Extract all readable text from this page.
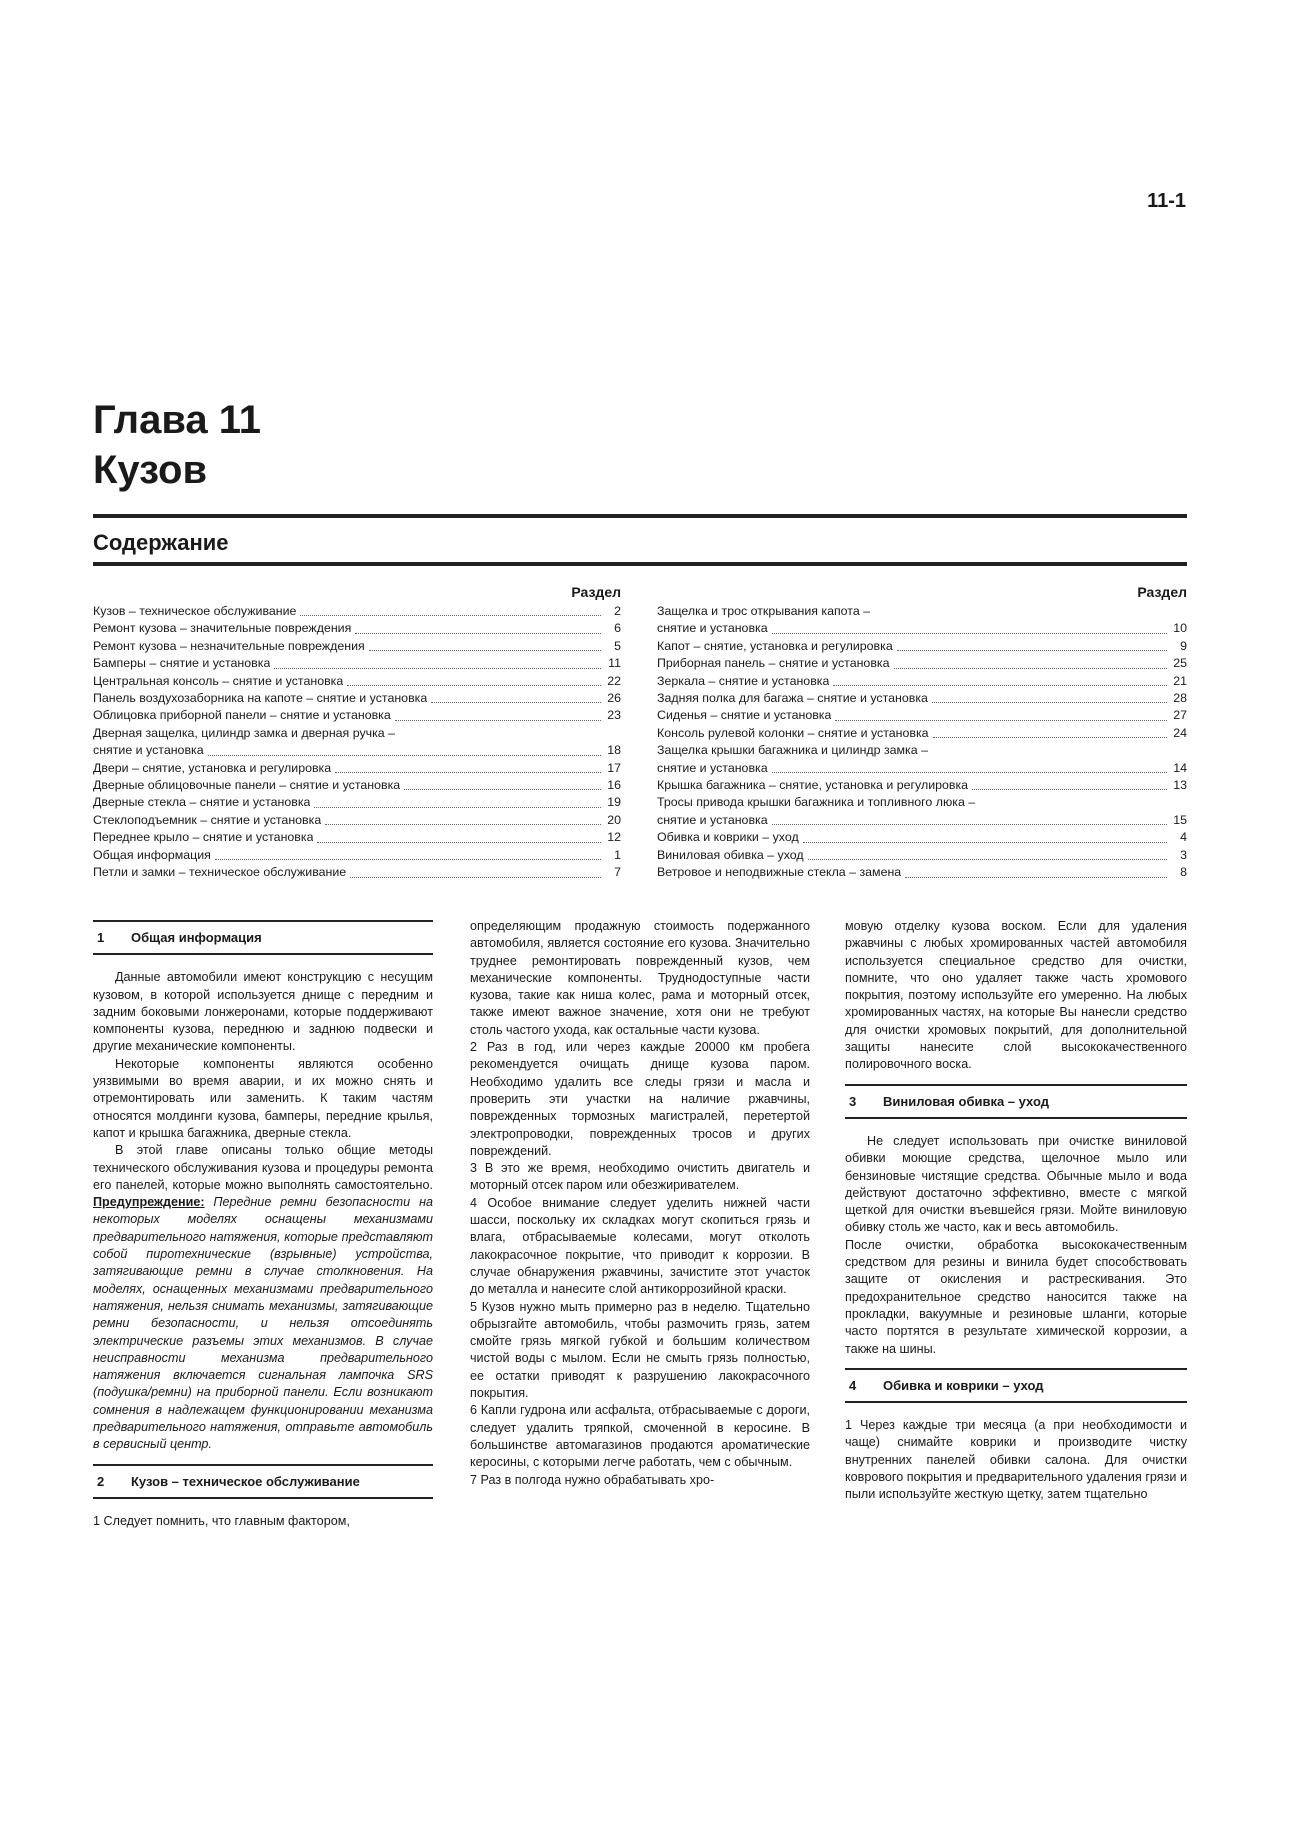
11-1
Глава 11
Кузов
Содержание
Раздел
Кузов – техническое обслуживание	2
Ремонт кузова – значительные повреждения	6
Ремонт кузова – незначительные повреждения	5
Бамперы – снятие и установка	11
Центральная консоль – снятие и установка	22
Панель воздухозаборника на капоте – снятие и установка	26
Облицовка приборной панели – снятие и установка	23
Дверная защелка, цилиндр замка и дверная ручка –
снятие и установка	18
Двери – снятие, установка и регулировка	17
Дверные облицовочные панели – снятие и установка	16
Дверные стекла – снятие и установка	19
Стеклоподъемник – снятие и установка	20
Переднее крыло – снятие и установка	12
Общая информация	1
Петли и замки – техническое обслуживание	7
Раздел
Защелка и трос открывания капота –
снятие и установка	10
Капот – снятие, установка и регулировка	9
Приборная панель – снятие и установка	25
Зеркала – снятие и установка	21
Задняя полка для багажа – снятие и установка	28
Сиденья – снятие и установка	27
Консоль рулевой колонки – снятие и установка	24
Защелка крышки багажника и цилиндр замка –
снятие и установка	14
Крышка багажника – снятие, установка и регулировка	13
Тросы привода крышки багажника и топливного люка –
снятие и установка	15
Обивка и коврики – уход	4
Виниловая обивка – уход	3
Ветровое и неподвижные стекла – замена	8
1 Общая информация

Данные автомобили имеют конструкцию с несущим кузовом, в которой используется днище с передним и задним боковыми лонжеронами, которые поддерживают компоненты кузова, переднюю и заднюю подвески и другие механические компоненты.

Некоторые компоненты являются особенно уязвимыми во время аварии, и их можно снять и отремонтировать или заменить. К таким частям относятся молдинги кузова, бамперы, передние крылья, капот и крышка багажника, дверные стекла.

В этой главе описаны только общие методы технического обслуживания кузова и процедуры ремонта его панелей, которые можно выполнять самостоятельно. Предупреждение: Передние ремни безопасности на некоторых моделях оснащены механизмами предварительного натяжения, которые представляют собой пиротехнические (взрывные) устройства, затягивающие ремни в случае столкновения. На моделях, оснащенных механизмами предварительного натяжения, нельзя снимать механизмы, затягивающие ремни безопасности, и нельзя отсоединять электрические разъемы этих механизмов. В случае неисправности механизма предварительного натяжения включается сигнальная лампочка SRS (подушка/ремни) на приборной панели. Если возникают сомнения в надлежащем функционировании механизма предварительного натяжения, отправьте автомобиль в сервисный центр.

2 Кузов – техническое обслуживание

1 Следует помнить, что главным фактором,

определяющим продажную стоимость подержанного автомобиля, является состояние его кузова. Значительно труднее ремонтировать поврежденный кузов, чем механические компоненты. Труднодоступные части кузова, такие как ниша колес, рама и моторный отсек, также имеют важное значение, хотя они не требуют столь частого ухода, как остальные части кузова.

2 Раз в год, или через каждые 20000 км пробега рекомендуется очищать днище кузова паром. Необходимо удалить все следы грязи и масла и проверить эти участки на наличие ржавчины, поврежденных тормозных магистралей, перетертой электропроводки, поврежденных тросов и других повреждений.

3 В это же время, необходимо очистить двигатель и моторный отсек паром или обезжиривателем.

4 Особое внимание следует уделить нижней части шасси, поскольку их складках могут скопиться грязь и влага, отбрасываемые колесами, могут отколоть лакокрасочное покрытие, что приводит к коррозии. В случае обнаружения ржавчины, зачистите этот участок до металла и нанесите слой антикоррозийной краски.

5 Кузов нужно мыть примерно раз в неделю. Тщательно обрызгайте автомобиль, чтобы размочить грязь, затем смойте грязь мягкой губкой и большим количеством чистой воды с мылом. Если не смыть грязь полностью, ее остатки приводят к разрушению лакокрасочного покрытия.

6 Капли гудрона или асфальта, отбрасываемые с дороги, следует удалить тряпкой, смоченной в керосине. В большинстве автомагазинов продаются ароматические керосины, с которыми легче работать, чем с обычным.

7 Раз в полгода нужно обрабатывать хро-

мовую отделку кузова воском. Если для удаления ржавчины с любых хромированных частей автомобиля используется специальное средство для очистки, помните, что оно удаляет также часть хромового покрытия, поэтому используйте его умеренно. На любых хромированных частях, на которые Вы нанесли средство для очистки хромовых покрытий, для дополнительной защиты нанесите слой высококачественного полировочного воска.

3 Виниловая обивка – уход

Не следует использовать при очистке виниловой обивки моющие средства, щелочное мыло или бензиновые чистящие средства. Обычные мыло и вода действуют достаточно эффективно, вместе с мягкой щеткой для очистки въевшейся грязи. Мойте виниловую обивку столь же часто, как и весь автомобиль.

После очистки, обработка высококачественным средством для резины и винила будет способствовать защите от окисления и растрескивания. Это предохранительное средство наносится также на прокладки, вакуумные и резиновые шланги, которые часто портятся в результате химической коррозии, а также на шины.

4 Обивка и коврики – уход

1 Через каждые три месяца (а при необходимости и чаще) снимайте коврики и производите чистку внутренних панелей обивки салона. Для очистки коврового покрытия и предварительного удаления грязи и пыли используйте жесткую щетку, затем тщательно
